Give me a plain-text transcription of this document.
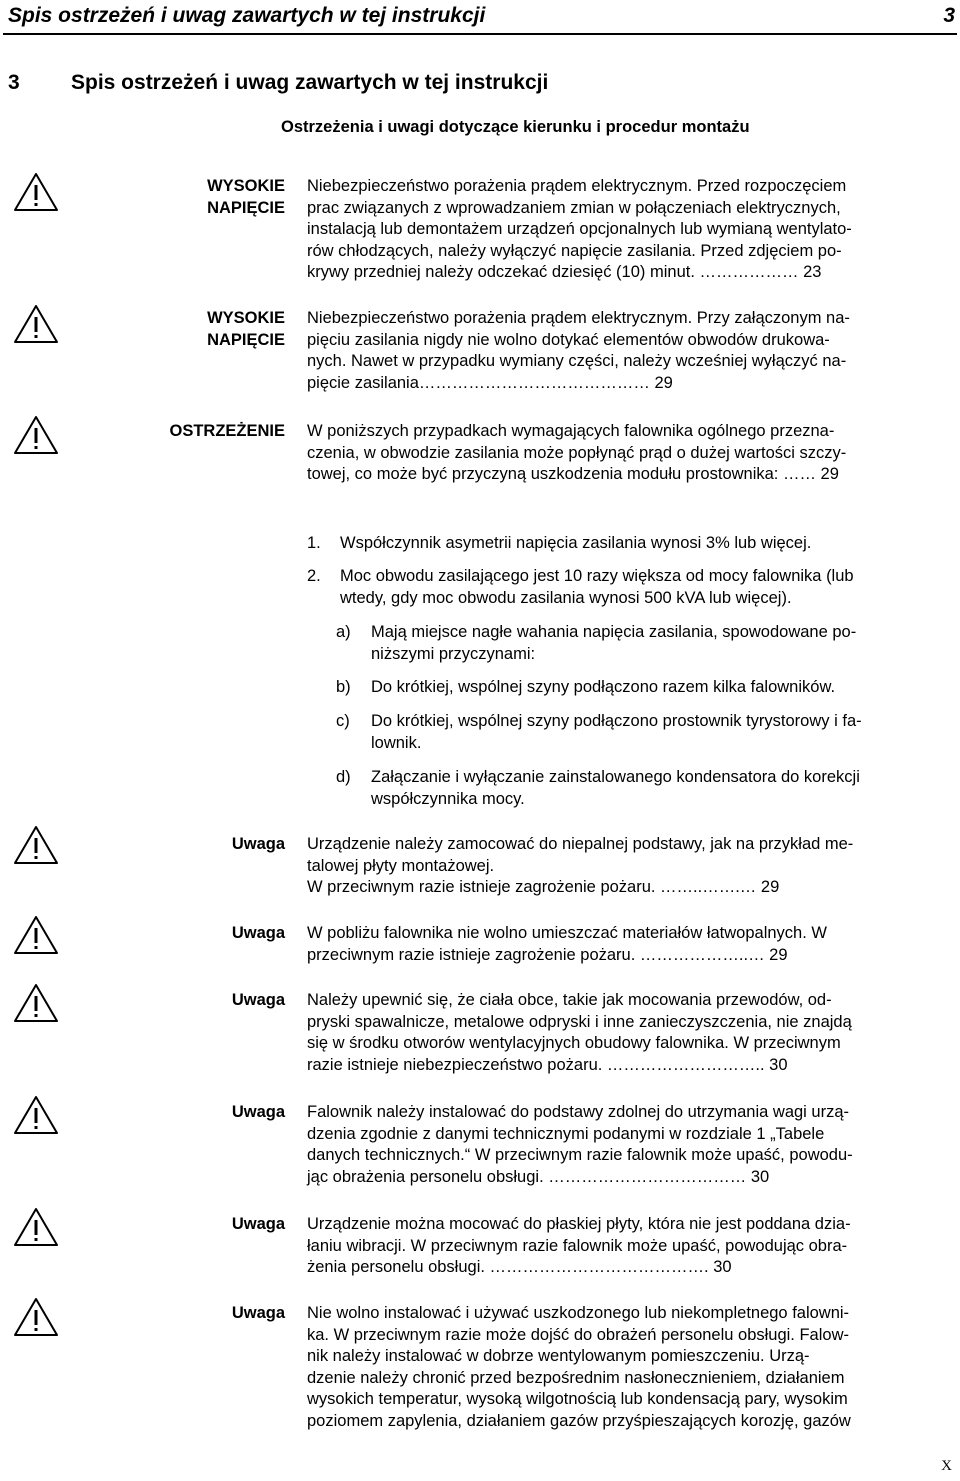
Spis ostrzeżeń i uwag zawartych w tej instrukcji	3
3 Spis ostrzeżeń i uwag zawartych w tej instrukcji
Ostrzeżenia i uwagi dotyczące kierunku i procedur montażu
WYSOKIE
NAPIĘCIE
Niebezpieczeństwo porażenia prądem elektrycznym. Przed rozpoczęciem
prac związanych z wprowadzaniem zmian w połączeniach elektrycznych,
instalacją lub demontażem urządzeń opcjonalnych lub wymianą wentylato-
rów chłodzących, należy wyłączyć napięcie zasilania. Przed zdjęciem po-
krywy przedniej należy odczekać dziesięć (10) minut. ……………… 23
WYSOKIE
NAPIĘCIE
Niebezpieczeństwo porażenia prądem elektrycznym. Przy załączonym na-
pięciu zasilania nigdy nie wolno dotykać elementów obwodów drukowa-
nych. Nawet w przypadku wymiany części, należy wcześniej wyłączyć na-
pięcie zasilania…………………………………… 29
OSTRZEŻENIE W poniższych przypadkach wymagających falownika ogólnego przezna-
czenia, w obwodzie zasilania może popłynąć prąd o dużej wartości szczy-
towej, co może być przyczyną uszkodzenia modułu prostownika: …… 29
1. Współczynnik asymetrii napięcia zasilania wynosi 3% lub więcej.
2. Moc obwodu zasilającego jest 10 razy większa od mocy falownika (lub
wtedy, gdy moc obwodu zasilania wynosi 500 kVA lub więcej).
a) Mają miejsce nagłe wahania napięcia zasilania, spowodowane po-
niższymi przyczynami:
b) Do krótkiej, wspólnej szyny podłączono razem kilka falowników.
c) Do krótkiej, wspólnej szyny podłączono prostownik tyrystorowy i fa-
lownik.
d) Załączanie i wyłączanie zainstalowanego kondensatora do korekcji
współczynnika mocy.
Uwaga Urządzenie należy zamocować do niepalnej podstawy, jak na przykład me-
talowej płyty montażowej.
W przeciwnym razie istnieje zagrożenie pożaru. ……..…….… 29
Uwaga W pobliżu falownika nie wolno umieszczać materiałów łatwopalnych. W
przeciwnym razie istnieje zagrożenie pożaru. ………………..… 29
Uwaga Należy upewnić się, że ciała obce, takie jak mocowania przewodów, od-
pryski spawalnicze, metalowe odpryski i inne zanieczyszczenia, nie znajdą
się w środku otworów wentylacyjnych obudowy falownika. W przeciwnym
razie istnieje niebezpieczeństwo pożaru. ……………………….. 30
Uwaga Falownik należy instalować do podstawy zdolnej do utrzymania wagi urzą-
dzenia zgodnie z danymi technicznymi podanymi w rozdziale 1 „Tabele
danych technicznych.“ W przeciwnym razie falownik może upaść, powodu-
jąc obrażenia personelu obsługi. ……………………………… 30
Uwaga Urządzenie można mocować do płaskiej płyty, która nie jest poddana dzia-
łaniu wibracji. W przeciwnym razie falownik może upaść, powodując obra-
żenia personelu obsługi. …………………………………. 30
Uwaga Nie wolno instalować i używać uszkodzonego lub niekompletnego falowni-
ka. W przeciwnym razie może dojść do obrażeń personelu obsługi. Falow-
nik należy instalować w dobrze wentylowanym pomieszczeniu. Urzą-
dzenie należy chronić przed bezpośrednim nasłonecznieniem, działaniem
wysokich temperatur, wysoką wilgotnością lub kondensacją pary, wysokim
poziomem zapylenia, działaniem gazów przyśpieszających korozję, gazów
X
